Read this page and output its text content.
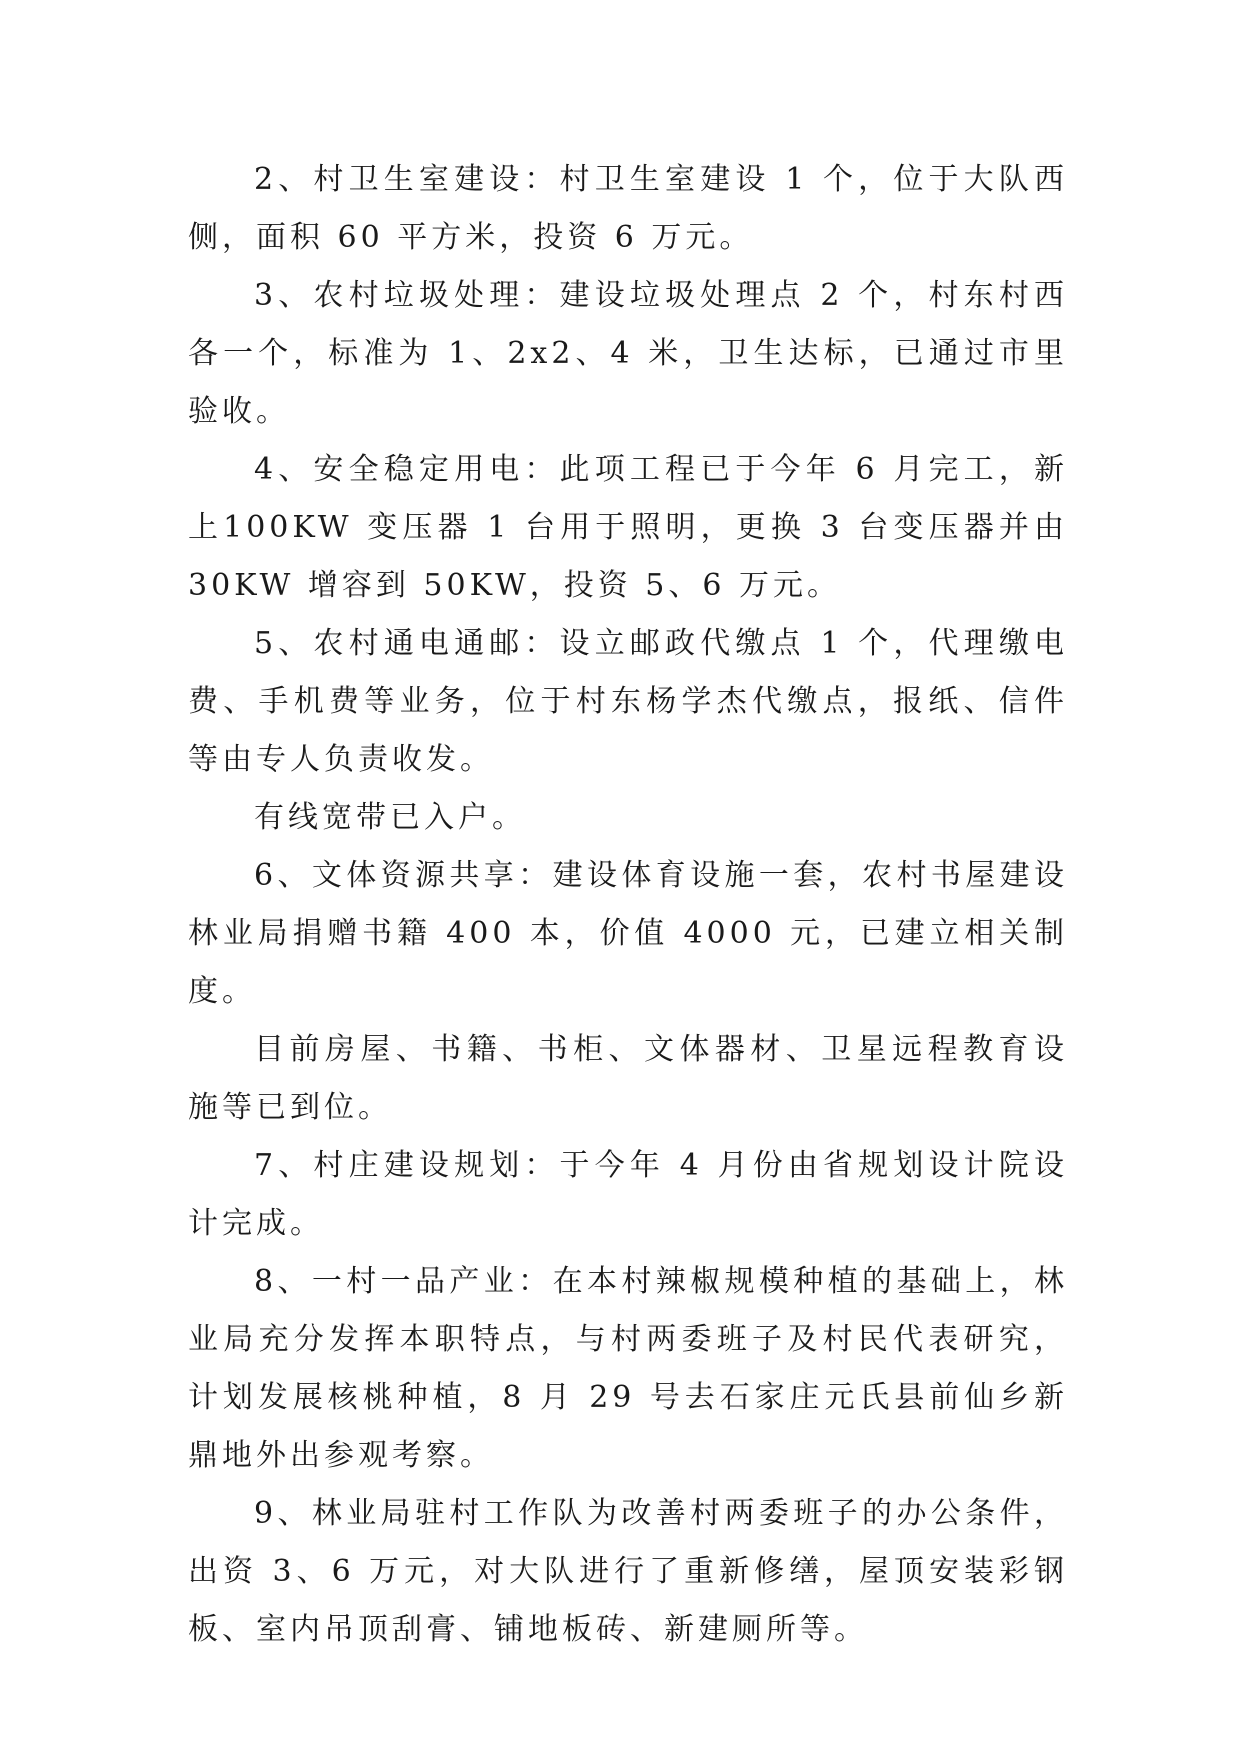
2、村卫生室建设：村卫生室建设 1 个，位于大队西侧，面积 60 平方米，投资 6 万元。

3、农村垃圾处理：建设垃圾处理点 2 个，村东村西各一个，标准为 1、2x2、4 米，卫生达标，已通过市里验收。

4、安全稳定用电：此项工程已于今年 6 月完工，新上100KW 变压器 1 台用于照明，更换 3 台变压器并由 30KW 增容到 50KW，投资 5、6 万元。

5、农村通电通邮：设立邮政代缴点 1 个，代理缴电费、手机费等业务，位于村东杨学杰代缴点，报纸、信件等由专人负责收发。

有线宽带已入户。

6、文体资源共享：建设体育设施一套，农村书屋建设林业局捐赠书籍 400 本，价值 4000 元，已建立相关制度。

目前房屋、书籍、书柜、文体器材、卫星远程教育设施等已到位。

7、村庄建设规划：于今年 4 月份由省规划设计院设计完成。

8、一村一品产业：在本村辣椒规模种植的基础上，林业局充分发挥本职特点，与村两委班子及村民代表研究，计划发展核桃种植，8 月 29 号去石家庄元氏县前仙乡新鼎地外出参观考察。

9、林业局驻村工作队为改善村两委班子的办公条件，出资 3、6 万元，对大队进行了重新修缮，屋顶安装彩钢板、室内吊顶刮膏、铺地板砖、新建厕所等。
